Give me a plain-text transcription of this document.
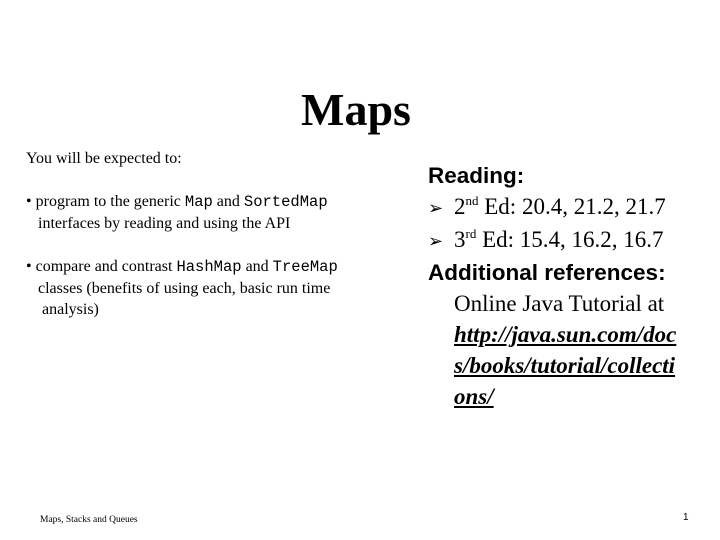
Maps
You will be expected to:
• program to the generic Map and SortedMap
interfaces by reading and using the API
• compare and contrast HashMap and TreeMap
classes (benefits of using each, basic run time
analysis)
Reading:
➢ 2nd Ed: 20.4, 21.2, 21.7
➢ 3rd Ed: 15.4, 16.2, 16.7
Additional references:
Online Java Tutorial at
http://java.sun.com/doc
s/books/tutorial/collecti
ons/
Maps, Stacks and Queues	1
